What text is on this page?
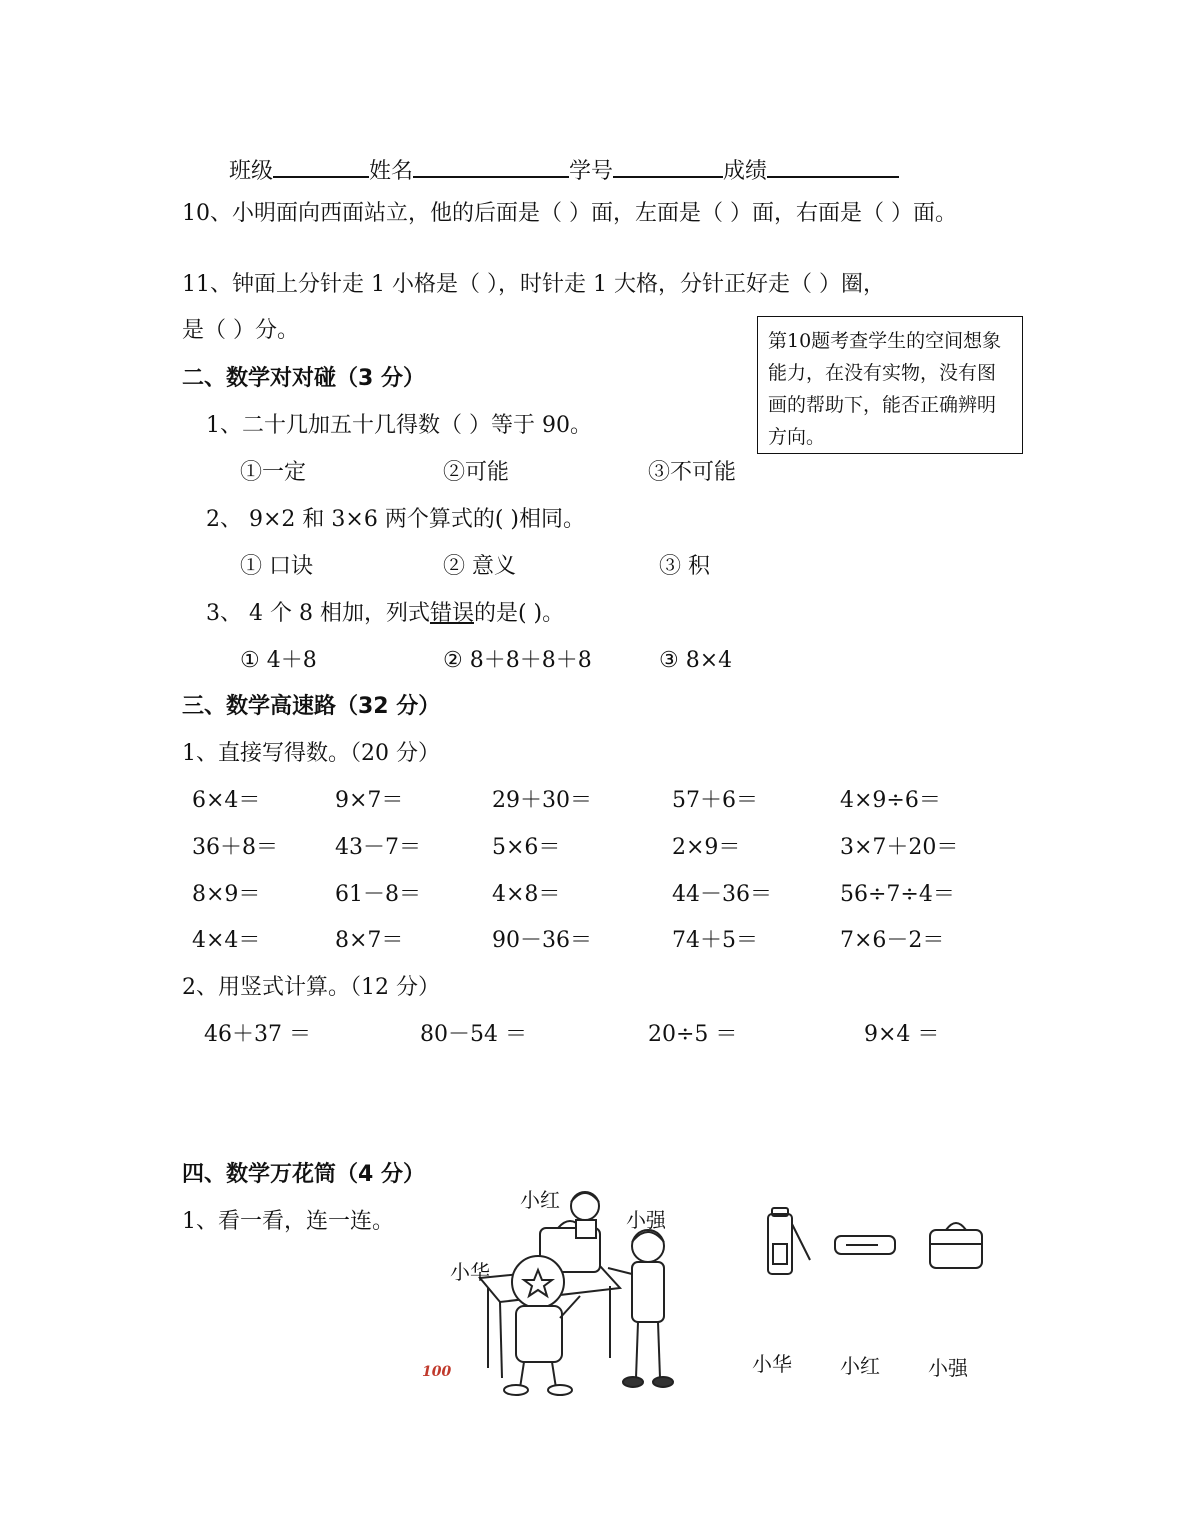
班级	姓名	学号	成绩
10、小明面向西面站立，他的后面是（ ）面，左面是（ ）面，右面是（ ）面。
11、钟面上分针走 1 小格是（ ），时针走 1 大格，分针正好走（ ）圈，
是（ ）分。	第10题考查学生的空间想象能力，在没有实物，没有图画的帮助下，能否正确辨明方向。
二、数学对对碰（3 分）
1、二十几加五十几得数（ ）等于 90。
①一定	②可能	③不可能
2、 9×2 和 3×6 两个算式的( )相同。
① 口诀	② 意义	③ 积
3、 4 个 8 相加，列式错误的是( )。
① 4＋8	② 8＋8＋8＋8	③ 8×4
三、数学高速路（32 分）
1、直接写得数。（20 分）
6×4＝	9×7＝	29＋30＝	57＋6＝	4×9÷6＝
36＋8＝	43－7＝	5×6＝	2×9＝	3×7＋20＝
8×9＝	61－8＝	4×8＝	44－36＝	56÷7÷4＝
4×4＝	8×7＝	90－36＝	74＋5＝	7×6－2＝
2、用竖式计算。（12 分）
46＋37 ＝	80－54 ＝	20÷5 ＝	9×4 ＝
四、数学万花筒（4 分）
1、看一看，连一连。
小红
小强
小华
100	小华 小红 小强
